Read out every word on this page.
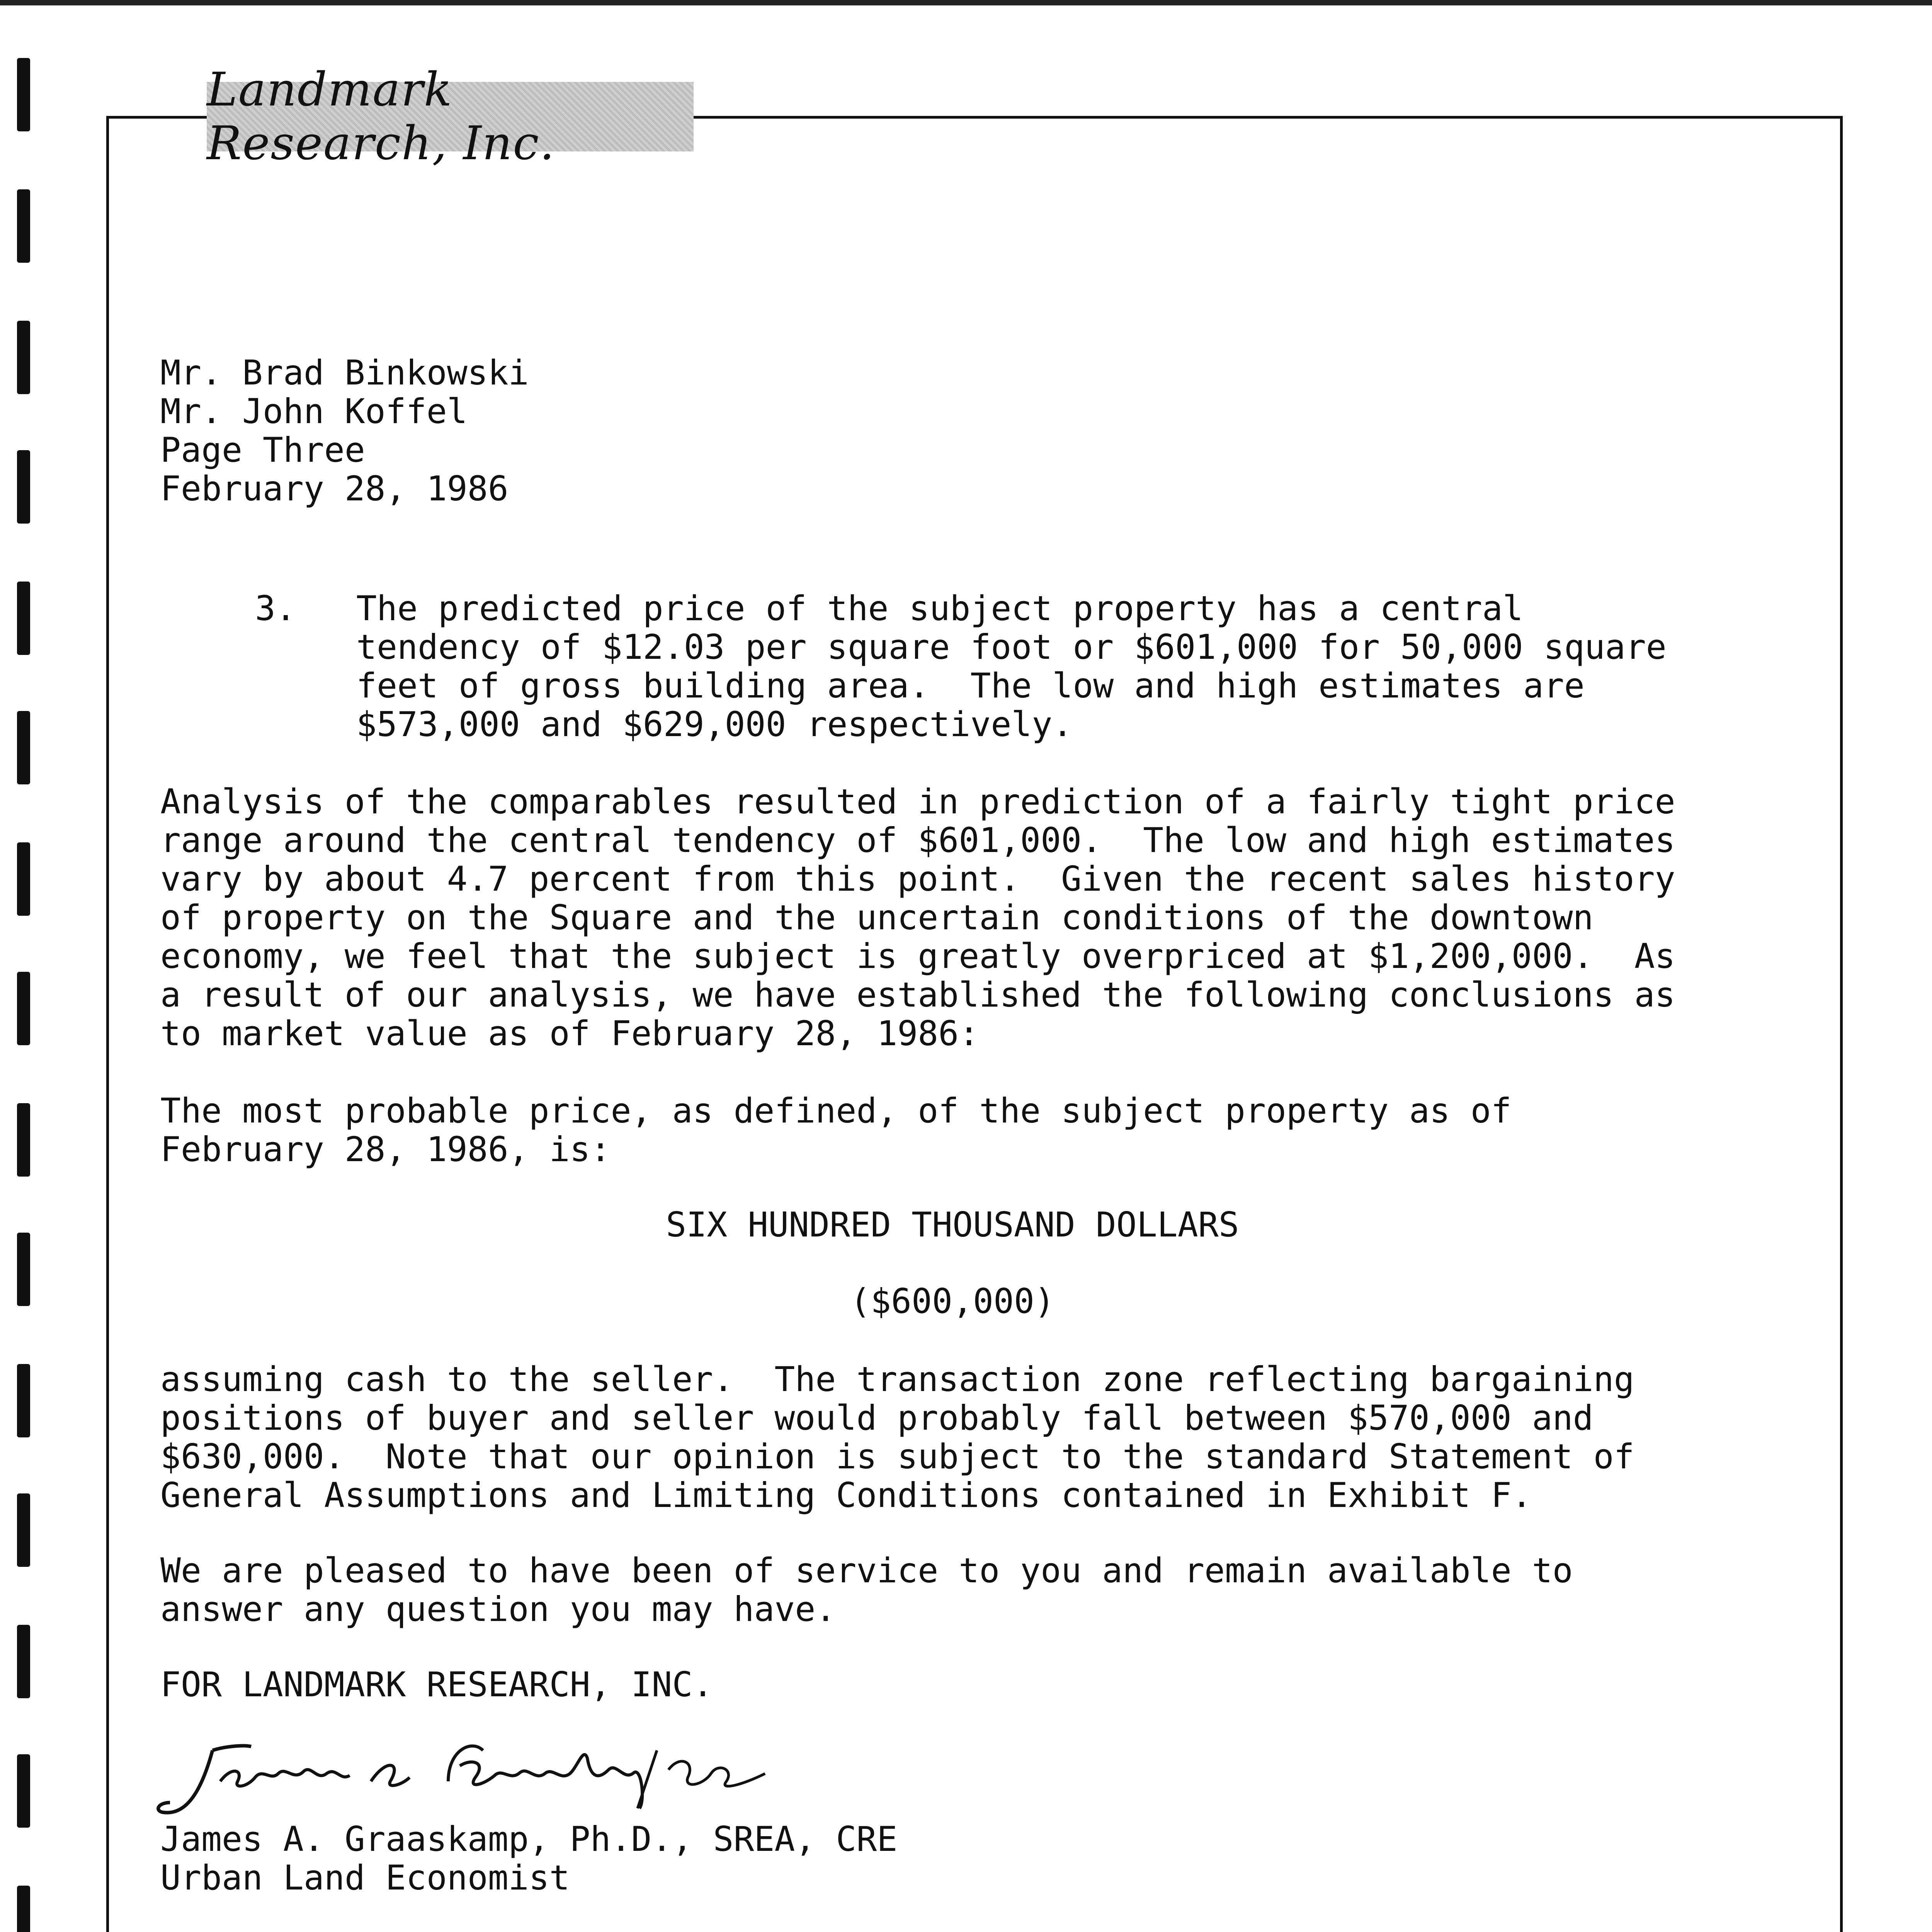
Landmark Research, Inc.
Mr. Brad Binkowski
Mr. John Koffel
Page Three
February 28, 1986
3. The predicted price of the subject property has a central
tendency of $12.03 per square foot or $601,000 for 50,000 square
feet of gross building area.  The low and high estimates are
$573,000 and $629,000 respectively.
Analysis of the comparables resulted in prediction of a fairly tight price
range around the central tendency of $601,000.  The low and high estimates
vary by about 4.7 percent from this point.  Given the recent sales history
of property on the Square and the uncertain conditions of the downtown
economy, we feel that the subject is greatly overpriced at $1,200,000.  As
a result of our analysis, we have established the following conclusions as
to market value as of February 28, 1986:
The most probable price, as defined, of the subject property as of
February 28, 1986, is:
SIX HUNDRED THOUSAND DOLLARS
($600,000)
assuming cash to the seller.  The transaction zone reflecting bargaining
positions of buyer and seller would probably fall between $570,000 and
$630,000.  Note that our opinion is subject to the standard Statement of
General Assumptions and Limiting Conditions contained in Exhibit F.
We are pleased to have been of service to you and remain available to
answer any question you may have.
FOR LANDMARK RESEARCH, INC.
James A. Graaskamp, Ph.D., SREA, CRE
Urban Land Economist
